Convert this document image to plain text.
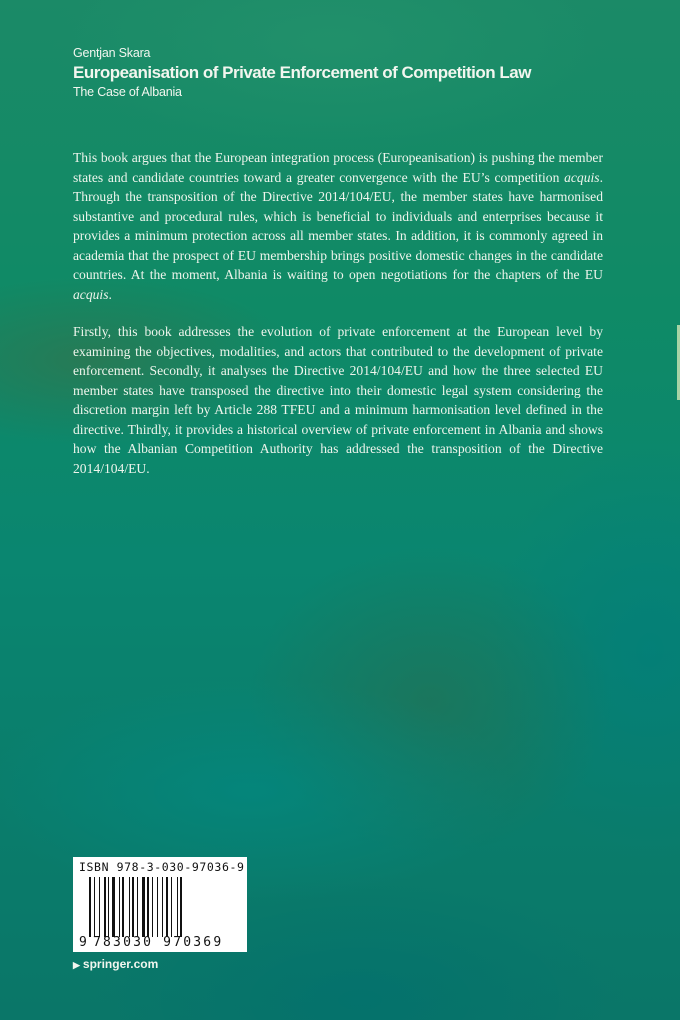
Gentjan Skara
Europeanisation of Private Enforcement of Competition Law
The Case of Albania

This book argues that the European integration process (Europeanisation) is pushing the member states and candidate countries toward a greater convergence with the EU’s competition acquis. Through the transposition of the Directive 2014/104/EU, the member states have harmonised substantive and procedural rules, which is beneficial to individuals and enterprises because it provides a minimum protection across all member states. In addition, it is commonly agreed in academia that the prospect of EU membership brings positive domestic changes in the candidate countries. At the moment, Albania is waiting to open negotiations for the chapters of the EU acquis.

Firstly, this book addresses the evolution of private enforcement at the European level by examining the objectives, modalities, and actors that contributed to the development of private enforcement. Secondly, it analyses the Directive 2014/104/EU and how the three selected EU member states have transposed the directive into their domestic legal system considering the discretion margin left by Article 288 TFEU and a minimum harmonisation level defined in the directive. Thirdly, it provides a historical overview of private enforcement in Albania and shows how the Albanian Competition Authority has addressed the transposition of the Directive 2014/104/EU.

ISBN 978-3-030-97036-9
9 783030 970369
▶ springer.com
